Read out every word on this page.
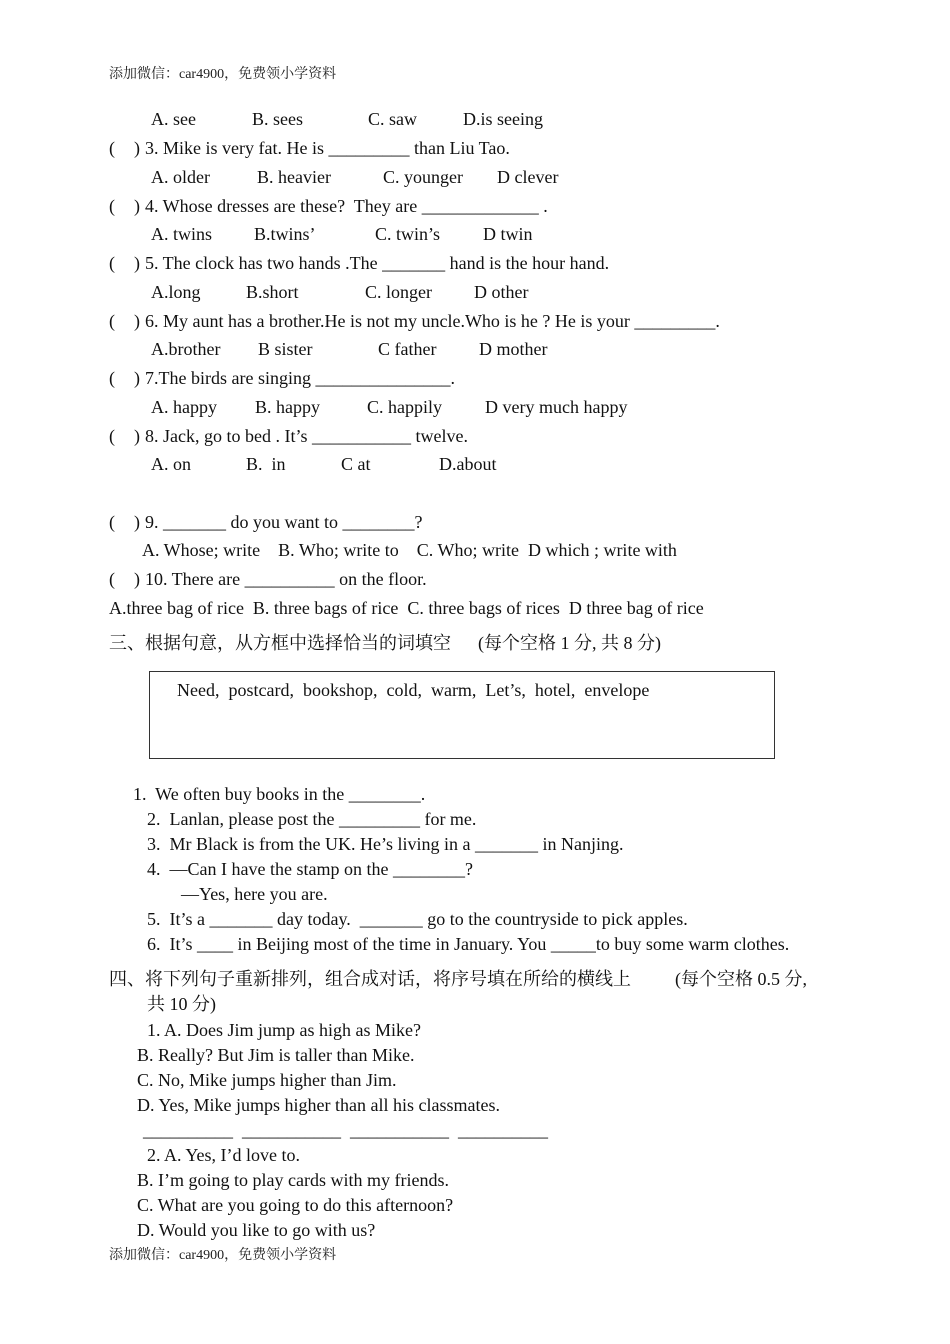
添加微信：car4900，免费领小学资料
A. see	B. sees	C. saw	D.is seeing
( ) 3. Mike is very fat. He is _________ than Liu Tao.
A. older	B. heavier	C. younger D clever
( ) 4. Whose dresses are these?  They are _____________ .
A. twins B.twins’	C. twin’s D twin
( ) 5. The clock has two hands .The _______ hand is the hour hand.
A.long	B.short	C. longer D other
( ) 6. My aunt has a brother.He is not my uncle.Who is he ? He is your _________.
A.brother B sister	C father D mother
( ) 7.The birds are singing _______________.
A. happy B. happy	C. happily D very much happy
( ) 8. Jack, go to bed . It’s ___________ twelve.
A. on	B.  in	C at	D.about
( ) 9. _______ do you want to ________?
A. Whose; write    B. Who; write to    C. Who; write  D which ; write with
( ) 10. There are __________ on the floor.
A.three bag of rice  B. three bags of rice  C. three bags of rices  D three bag of rice
三、根据句意，从方框中选择恰当的词填空 (每个空格 1 分, 共 8 分)
Need,  postcard,  bookshop,  cold,  warm,  Let’s,  hotel,  envelope
1.  We often buy books in the ________.
2.  Lanlan, please post the _________ for me.
3.  Mr Black is from the UK. He’s living in a _______ in Nanjing.
4.  —Can I have the stamp on the ________?
—Yes, here you are.
5.  It’s a _______ day today.  _______ go to the countryside to pick apples.
6.  It’s ____ in Beijing most of the time in January. You _____to buy some warm clothes.
四、将下列句子重新排列，组合成对话，将序号填在所给的横线上 (每个空格 0.5 分,
共 10 分)
1. A. Does Jim jump as high as Mike?
B. Really? But Jim is taller than Mike.
C. No, Mike jumps higher than Jim.
D. Yes, Mike jumps higher than all his classmates.
__________  ___________  ___________  __________
2. A. Yes, I’d love to.
B. I’m going to play cards with my friends.
C. What are you going to do this afternoon?
D. Would you like to go with us?
添加微信：car4900，免费领小学资料
